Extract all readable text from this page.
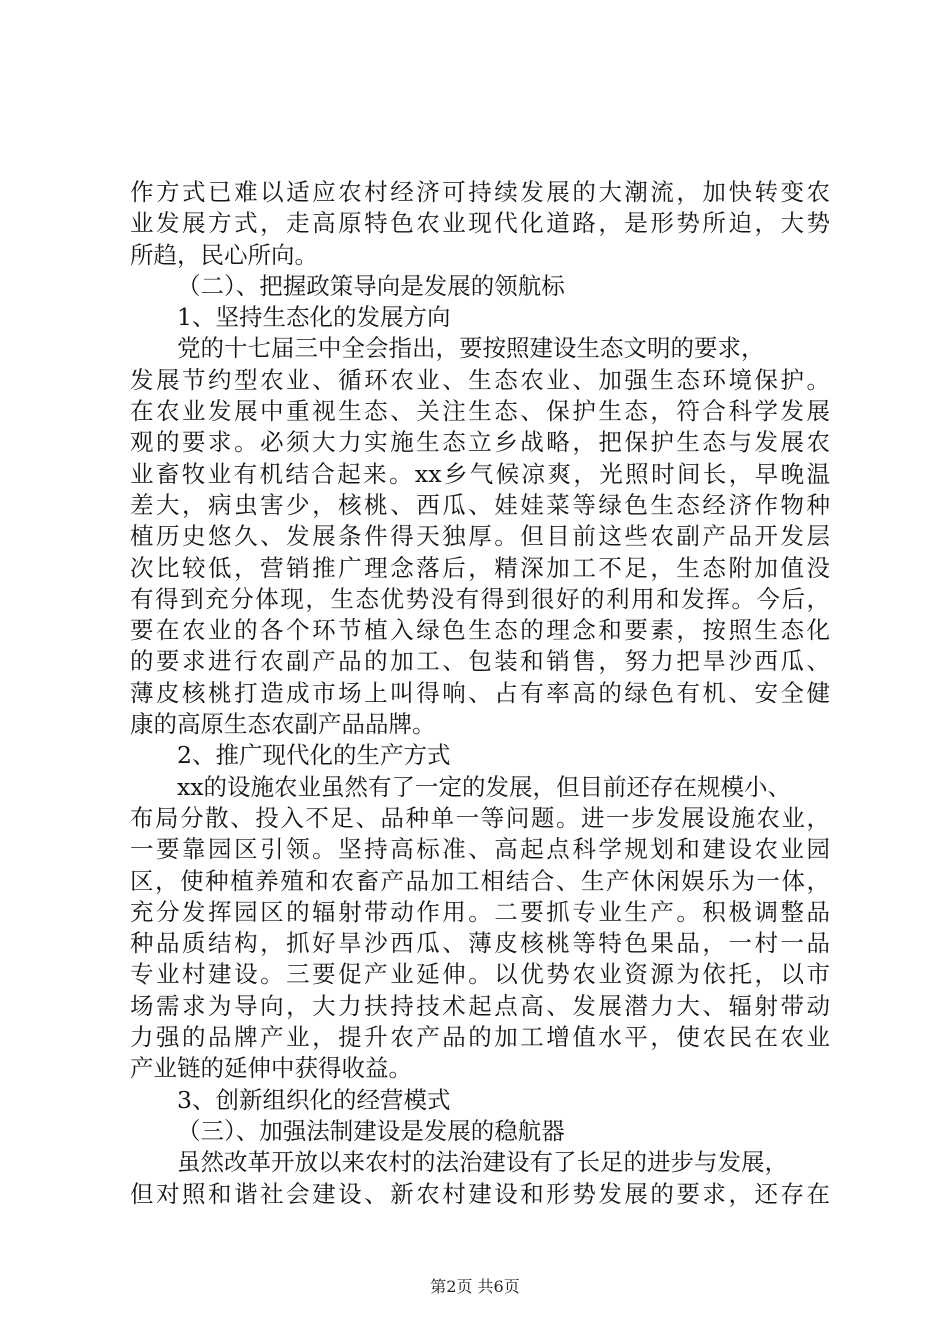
作方式已难以适应农村经济可持续发展的大潮流，加快转变农
业发展方式，走高原特色农业现代化道路，是形势所迫，大势
所趋，民心所向。
（二）、把握政策导向是发展的领航标
1、坚持生态化的发展方向
党的十七届三中全会指出，要按照建设生态文明的要求，
发展节约型农业、循环农业、生态农业、加强生态环境保护。
在农业发展中重视生态、关注生态、保护生态，符合科学发展
观的要求。必须大力实施生态立乡战略，把保护生态与发展农
业畜牧业有机结合起来。xx乡气候凉爽，光照时间长，早晚温
差大，病虫害少，核桃、西瓜、娃娃菜等绿色生态经济作物种
植历史悠久、发展条件得天独厚。但目前这些农副产品开发层
次比较低，营销推广理念落后，精深加工不足，生态附加值没
有得到充分体现，生态优势没有得到很好的利用和发挥。今后，
要在农业的各个环节植入绿色生态的理念和要素，按照生态化
的要求进行农副产品的加工、包装和销售，努力把旱沙西瓜、
薄皮核桃打造成市场上叫得响、占有率高的绿色有机、安全健
康的高原生态农副产品品牌。
2、推广现代化的生产方式
xx的设施农业虽然有了一定的发展，但目前还存在规模小、
布局分散、投入不足、品种单一等问题。进一步发展设施农业，
一要靠园区引领。坚持高标准、高起点科学规划和建设农业园
区，使种植养殖和农畜产品加工相结合、生产休闲娱乐为一体，
充分发挥园区的辐射带动作用。二要抓专业生产。积极调整品
种品质结构，抓好旱沙西瓜、薄皮核桃等特色果品，一村一品
专业村建设。三要促产业延伸。以优势农业资源为依托，以市
场需求为导向，大力扶持技术起点高、发展潜力大、辐射带动
力强的品牌产业，提升农产品的加工增值水平，使农民在农业
产业链的延伸中获得收益。
3、创新组织化的经营模式
（三）、加强法制建设是发展的稳航器
虽然改革开放以来农村的法治建设有了长足的进步与发展，
但对照和谐社会建设、新农村建设和形势发展的要求，还存在
第2页 共6页
